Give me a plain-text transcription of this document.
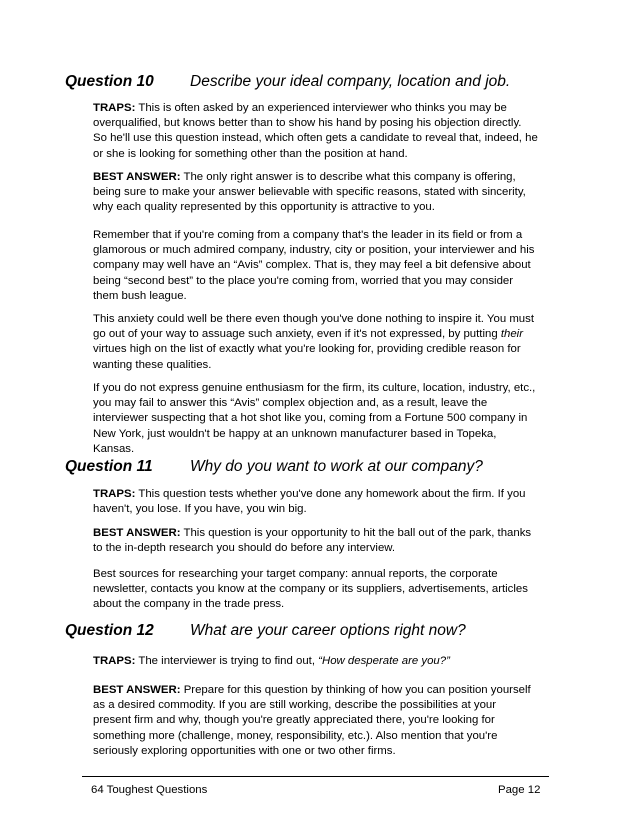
Question 10 Describe your ideal company, location and job.
TRAPS: This is often asked by an experienced interviewer who thinks you may be
overqualified, but knows better than to show his hand by posing his objection directly.
So he'll use this question instead, which often gets a candidate to reveal that, indeed, he
or she is looking for something other than the position at hand.
BEST ANSWER: The only right answer is to describe what this company is offering,
being sure to make your answer believable with specific reasons, stated with sincerity,
why each quality represented by this opportunity is attractive to you.
Remember that if you're coming from a company that's the leader in its field or from a
glamorous or much admired company, industry, city or position, your interviewer and his
company may well have an “Avis” complex. That is, they may feel a bit defensive about
being “second best” to the place you're coming from, worried that you may consider
them bush league.
This anxiety could well be there even though you've done nothing to inspire it. You must
go out of your way to assuage such anxiety, even if it's not expressed, by putting their
virtues high on the list of exactly what you're looking for, providing credible reason for
wanting these qualities.
If you do not express genuine enthusiasm for the firm, its culture, location, industry, etc.,
you may fail to answer this “Avis” complex objection and, as a result, leave the
interviewer suspecting that a hot shot like you, coming from a Fortune 500 company in
New York, just wouldn't be happy at an unknown manufacturer based in Topeka,
Kansas.
Question 11 Why do you want to work at our company?
TRAPS: This question tests whether you've done any homework about the firm. If you
haven't, you lose. If you have, you win big.
BEST ANSWER: This question is your opportunity to hit the ball out of the park, thanks
to the in-depth research you should do before any interview.
Best sources for researching your target company: annual reports, the corporate
newsletter, contacts you know at the company or its suppliers, advertisements, articles
about the company in the trade press.
Question 12 What are your career options right now?
TRAPS: The interviewer is trying to find out, “How desperate are you?”
BEST ANSWER: Prepare for this question by thinking of how you can position yourself
as a desired commodity. If you are still working, describe the possibilities at your
present firm and why, though you're greatly appreciated there, you're looking for
something more (challenge, money, responsibility, etc.). Also mention that you're
seriously exploring opportunities with one or two other firms.
64 Toughest Questions	Page 12
